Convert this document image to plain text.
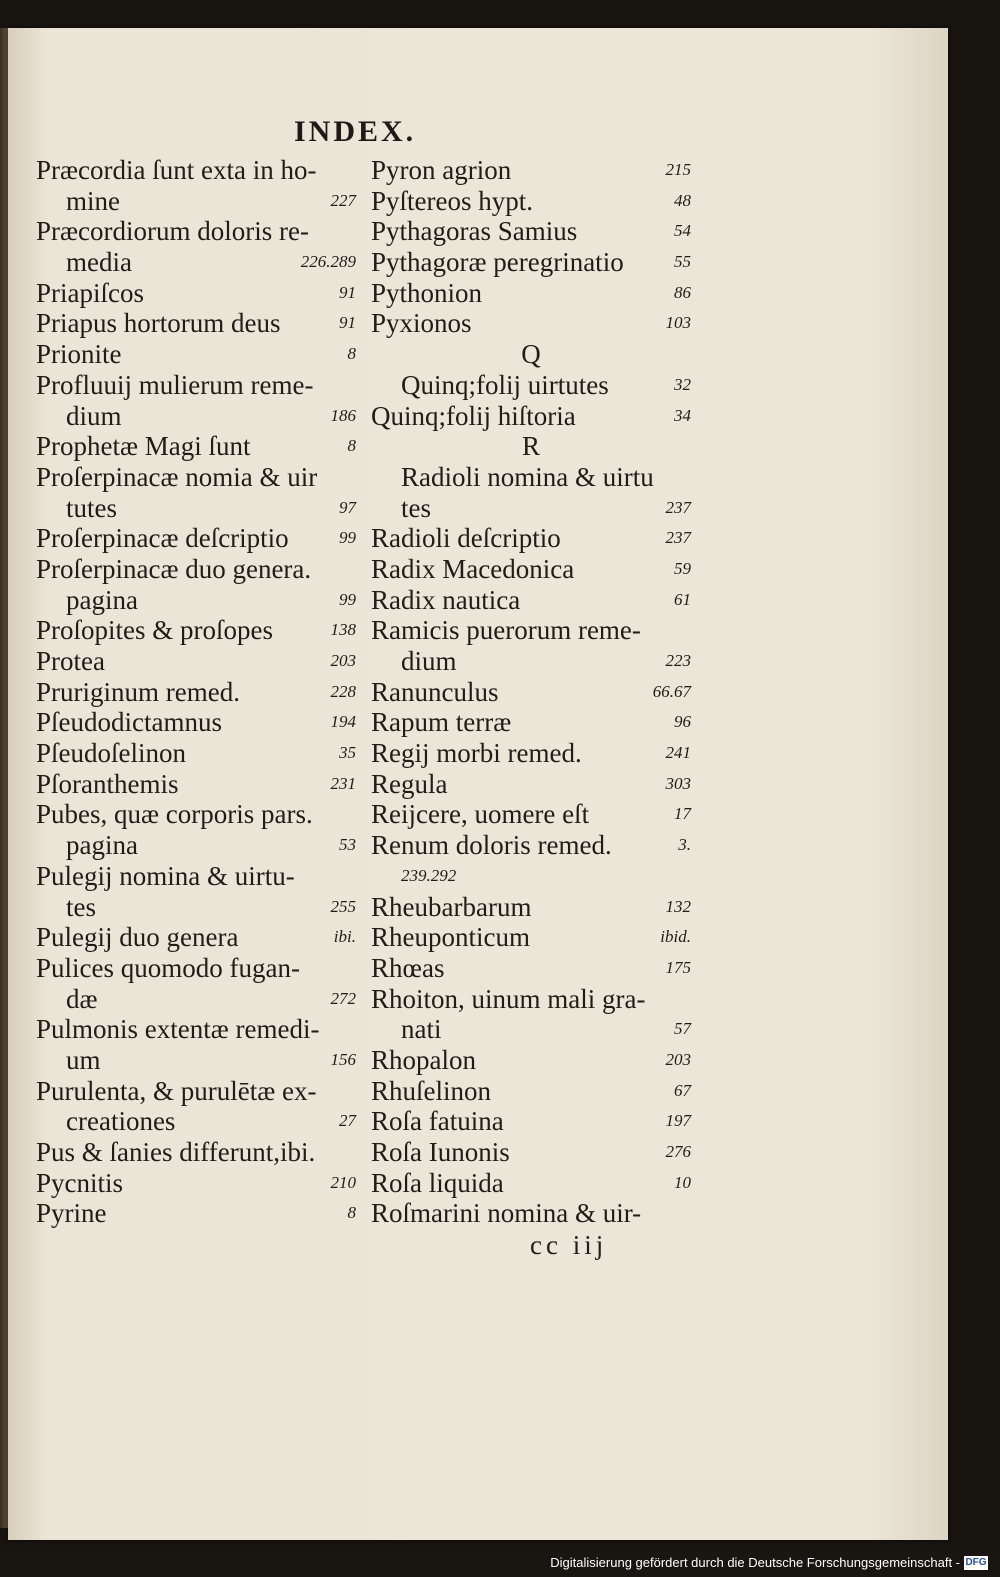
INDEX.
Præcordia ſunt exta in ho-
mine	227
Præcordiorum doloris re-
media	226.289
Priapiſcos	91
Priapus hortorum deus	91
Prionite	8
Profluuij mulierum reme-
dium	186
Prophetæ Magi ſunt	8
Proſerpinacæ nomia & uir
tutes	97
Proſerpinacæ deſcriptio	99
Proſerpinacæ duo genera.
pagina	99
Proſopites & proſopes	138
Protea	203
Pruriginum remed.	228
Pſeudodictamnus	194
Pſeudoſelinon	35
Pſoranthemis	231
Pubes, quæ corporis pars.
pagina	53
Pulegij nomina & uirtu-
tes	255
Pulegij duo genera	ibi.
Pulices quomodo fugan-
dæ	272
Pulmonis extentæ remedi-
um	156
Purulenta, & purulētæ ex-
creationes	27
Pus & ſanies differunt,ibi.
Pycnitis	210
Pyrine	8
Pyron agrion	215
Pyſtereos hypt.	48
Pythagoras Samius	54
Pythagoræ peregrinatio	55
Pythonion	86
Pyxionos	103
Q
Quinq;folij uirtutes	32
Quinq;folij hiſtoria	34
R
Radioli nomina & uirtu
tes	237
Radioli deſcriptio	237
Radix Macedonica	59
Radix nautica	61
Ramicis puerorum reme-
dium	223
Ranunculus	66.67
Rapum terræ	96
Regij morbi remed.	241
Regula	303
Reijcere, uomere eſt	17
Renum doloris remed.	3.
239.292
Rheubarbarum	132
Rheuponticum	ibid.
Rhœas	175
Rhoiton, uinum mali gra-
nati	57
Rhopalon	203
Rhuſelinon	67
Roſa fatuina	197
Roſa Iunonis	276
Roſa liquida	10
Roſmarini nomina & uir-
cc iij
Digitalisierung gefördert durch die Deutsche Forschungsgemeinschaft - DFG
